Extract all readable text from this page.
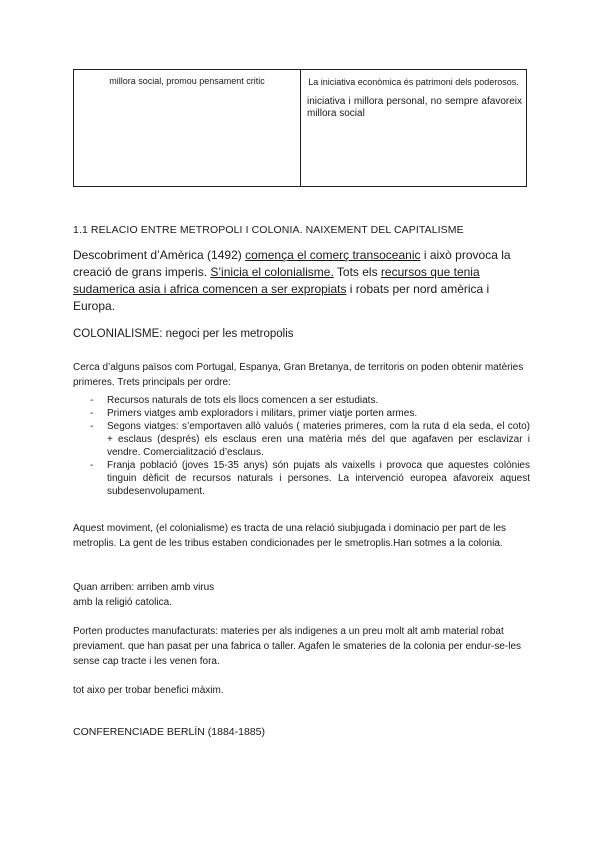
millora social, promou pensament critic	La iniciativa econòmica és patrimoni dels poderosos.
iniciativa i millora personal, no sempre afavoreix millora social
1.1 RELACIO ENTRE METROPOLI I COLONIA. NAIXEMENT DEL CAPITALISME
Descobriment d’Amèrica (1492) comença el comerç transoceanic i això provoca la creació de grans imperis. S’inicia el colonialisme. Tots els recursos que tenia sudamerica asia i africa comencen a ser expropiats i robats per nord amèrica i Europa.
COLONIALISME: negoci per les metropolis
Cerca d’alguns països com Portugal, Espanya, Gran Bretanya, de territoris on poden obtenir matèries primeres. Trets principals per ordre:
- Recursos naturals de tots els llocs comencen a ser estudiats.
- Primers viatges amb exploradors i militars, primer viatje porten armes.
- Segons viatges: s’emportaven allò valuós ( materies primeres, com la ruta d ela seda, el coto) + esclaus (després) els esclaus eren una matèria més del que agafaven per esclavizar i vendre. Comercialització d’esclaus.
- Franja població (joves 15-35 anys) són pujats als vaixells i provoca que aquestes colònies tinguin dèficit de recursos naturals i persones. La intervenció europea afavoreix aquest subdesenvolupament.
Aquest moviment, (el colonialisme) es tracta de una relació siubjugada i dominacio per part de les metroplis. La gent de les tribus estaben condicionades per le smetroplis.Han sotmes a la colonia.
Quan arriben: arriben amb virus
amb la religió catolica.
Porten productes manufacturats: materies per als indigenes a un preu molt alt amb material robat previament. que han pasat per una fabrica o taller. Agafen le smateries de la colonia per endur-se-les sense cap tracte i les venen fora.
tot aixo per trobar benefici màxim.
CONFERENCIADE BERLÍN (1884-1885)
